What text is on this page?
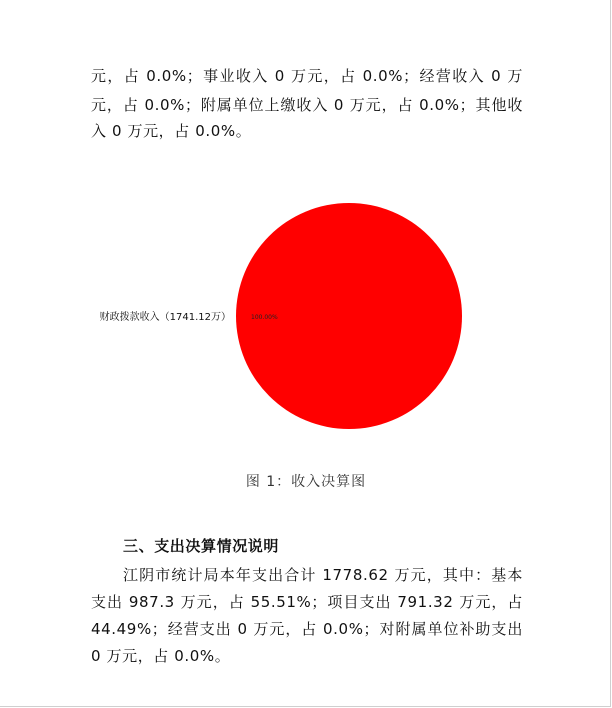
元，占 0.0%；事业收入 0 万元，占 0.0%；经营收入 0 万
元，占 0.0%；附属单位上缴收入 0 万元，占 0.0%；其他收
入 0 万元，占 0.0%。
100.00%
财政拨款收入（1741.12万）
图 1：收入决算图
三、支出决算情况说明
江阴市统计局本年支出合计 1778.62 万元，其中：基本
支出 987.3 万元，占 55.51%；项目支出 791.32 万元，占
44.49%；经营支出 0 万元，占 0.0%；对附属单位补助支出
0 万元，占 0.0%。
